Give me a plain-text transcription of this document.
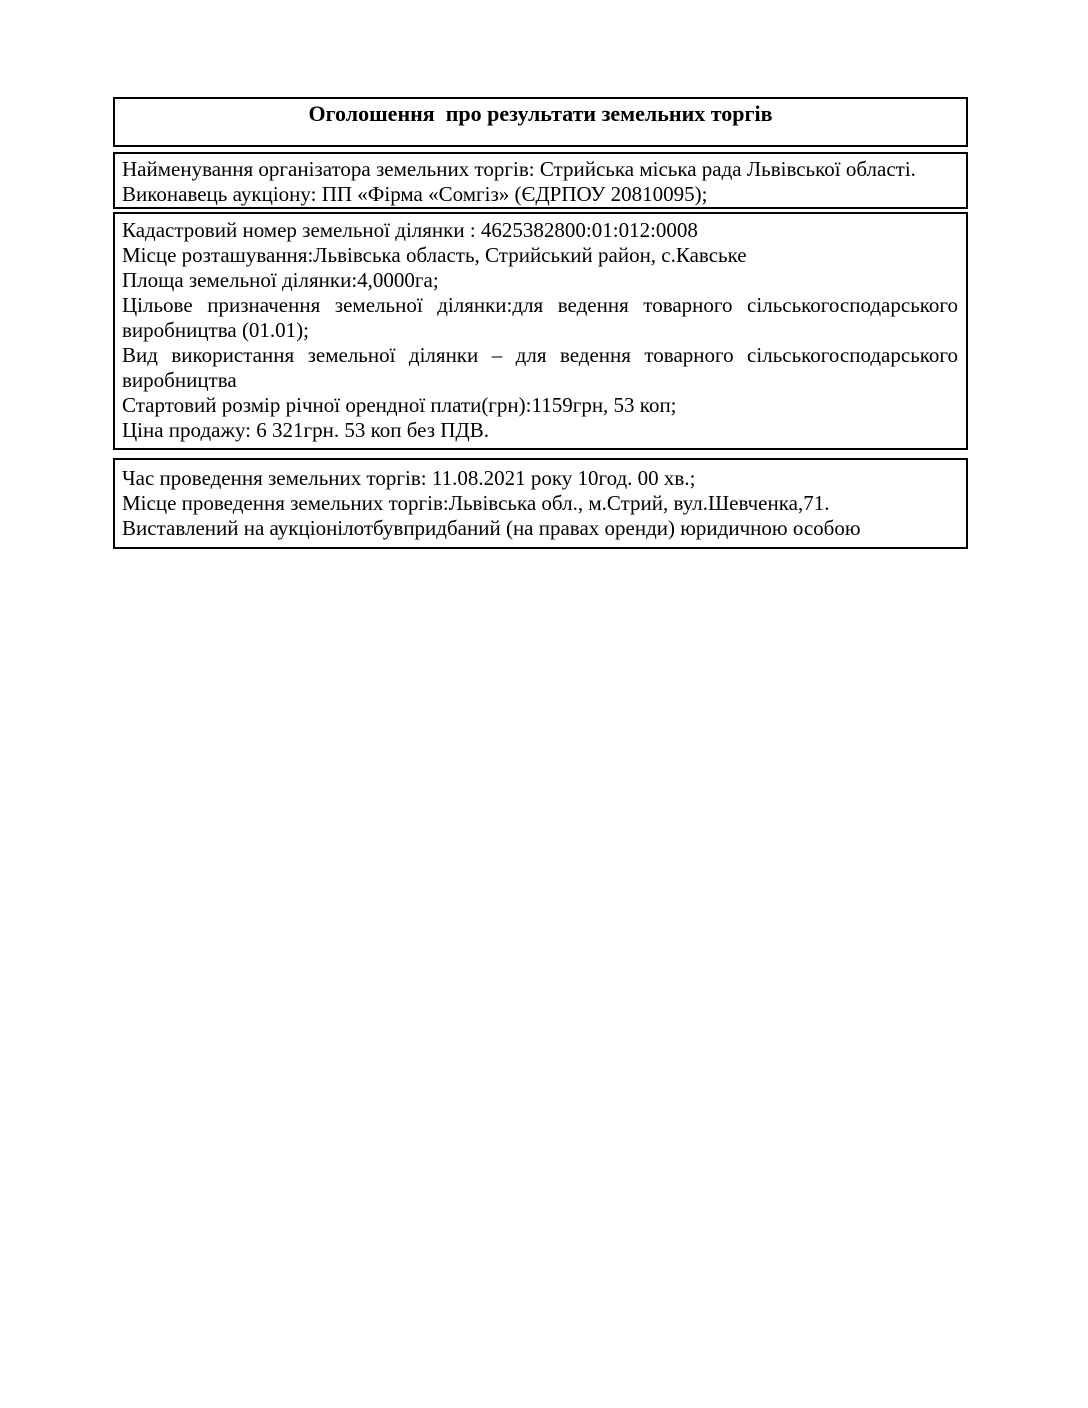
Оголошення  про результати земельних торгів

Найменування організатора земельних торгів: Стрийська міська рада Львівської області.

Виконавець аукціону: ПП «Фірма «Сомгіз» (ЄДРПОУ 20810095);

Кадастровий номер земельної ділянки : 4625382800:01:012:0008

Місце розташування:Львівська область, Стрийський район, с.Кавське

Площа земельної ділянки:4,0000га;

Цільове призначення земельної ділянки:для ведення товарного сільськогосподарського

виробництва (01.01);

Вид використання земельної ділянки – для ведення товарного сільськогосподарського

виробництва

Стартовий розмір річної орендної плати(грн):1159грн, 53 коп;

Ціна продажу: 6 321грн. 53 коп без ПДВ.

Час проведення земельних торгів: 11.08.2021 року 10год. 00 хв.;

Місце проведення земельних торгів:Львівська обл., м.Стрий, вул.Шевченка,71.

Виставлений на аукціонілотбувпридбаний (на правах оренди) юридичною особою
